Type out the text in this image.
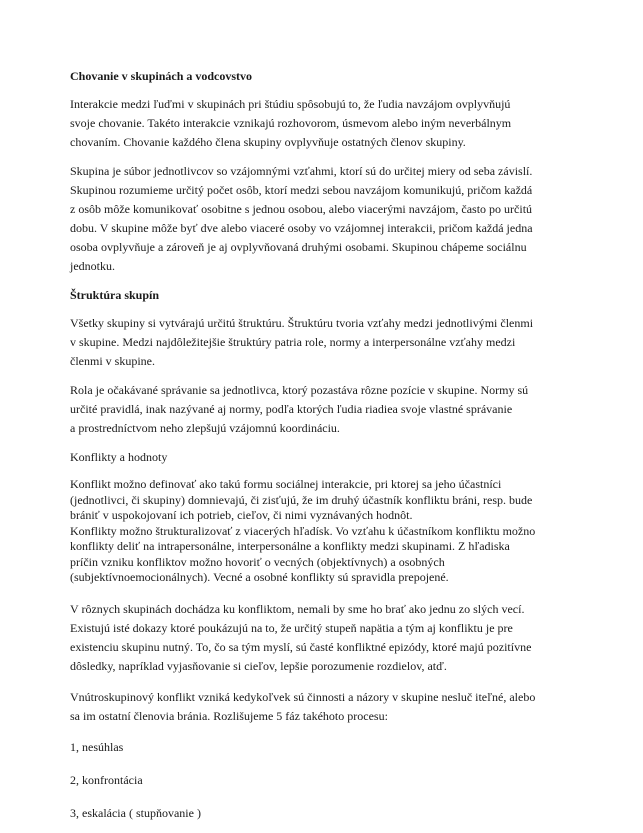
Chovanie v skupinách a vodcovstvo
Interakcie medzi ľuďmi v skupinách pri štúdiu spôsobujú to, že ľudia navzájom ovplyvňujú
svoje chovanie. Takéto interakcie vznikajú rozhovorom, úsmevom alebo iným neverbálnym
chovaním. Chovanie každého člena skupiny ovplyvňuje ostatných členov skupiny.
Skupina je súbor jednotlivcov so vzájomnými vzťahmi, ktorí sú do určitej miery od seba závislí.
Skupinou rozumieme určitý počet osôb, ktorí medzi sebou navzájom komunikujú, pričom každá
z osôb môže komunikovať osobitne s jednou osobou, alebo viacerými navzájom, často po určitú
dobu. V skupine môže byť dve alebo viaceré osoby vo vzájomnej interakcii, pričom každá jedna
osoba ovplyvňuje a zároveň je aj ovplyvňovaná druhými osobami. Skupinou chápeme sociálnu
jednotku.
Štruktúra skupín
Všetky skupiny si vytvárajú určitú štruktúru. Štruktúru tvoria vzťahy medzi jednotlivými členmi
v skupine. Medzi najdôležitejšie štruktúry patria role, normy a interpersonálne vzťahy medzi
členmi v skupine.
Rola je očakávané správanie sa jednotlivca, ktorý pozastáva rôzne pozície v skupine. Normy sú
určité pravidlá, inak nazývané aj normy, podľa ktorých ľudia riadiea svoje vlastné správanie
a prostredníctvom neho zlepšujú vzájomnú koordináciu.
Konflikty a hodnoty
Konflikt možno definovať ako takú formu sociálnej interakcie, pri ktorej sa jeho účastníci
(jednotlivci, či skupiny) domnievajú, či zisťujú, že im druhý účastník konfliktu bráni, resp. bude
brániť v uspokojovaní ich potrieb, cieľov, či nimi vyznávaných hodnôt.
Konflikty možno štrukturalizovať z viacerých hľadísk. Vo vzťahu k účastníkom konfliktu možno
konflikty deliť na intrapersonálne, interpersonálne a konflikty medzi skupinami. Z hľadiska
príčin vzniku konfliktov možno hovoriť o vecných (objektívnych) a osobných
(subjektívnoemocionálnych). Vecné a osobné konflikty sú spravidla prepojené.
V rôznych skupinách dochádza ku konfliktom, nemali by sme ho brať ako jednu zo slých vecí.
Existujú isté dokazy ktoré poukázujú na to, že určitý stupeň napätia a tým aj konfliktu je pre
existenciu skupinu nutný. To, čo sa tým myslí, sú časté konfliktné epizódy, ktoré majú pozitívne
dôsledky, napríklad vyjasňovanie si cieľov, lepšie porozumenie rozdielov, atď.
Vnútroskupinový konflikt vzniká kedykoľvek sú činnosti a názory v skupine nesluč iteľné, alebo
sa im ostatní členovia bránia. Rozlišujeme 5 fáz takéhoto procesu:
1, nesúhlas
2, konfrontácia
3, eskalácia ( stupňovanie )
